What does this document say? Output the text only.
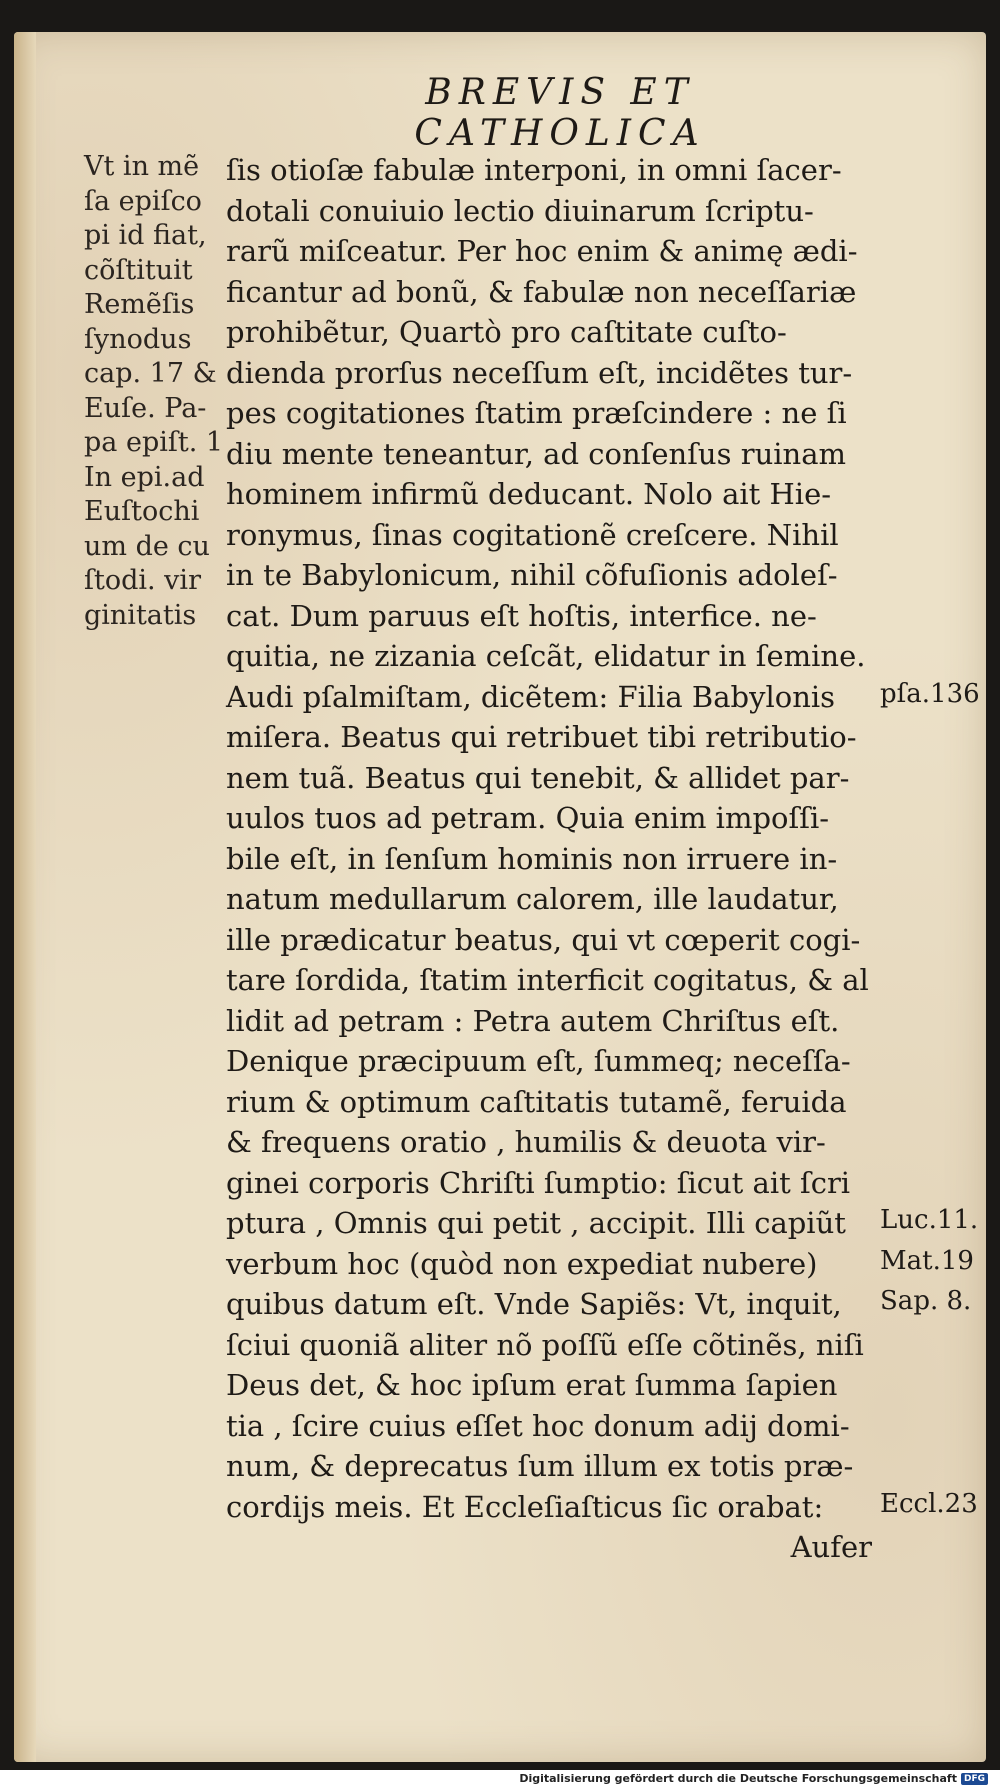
BREVIS ET CATHOLICA
Vt in mẽ
ſa epiſco
pi id fiat,
cõſtituit
Remẽſis
ſynodus
cap. 17 &
Euſe. Pa-
pa epiſt. 1
In epi.ad
Euſtochi
um de cu
ſtodi. vir
ginitatis
ſis otioſæ fabulæ interponi, in omni ſacer-
dotali conuiuio lectio diuinarum ſcriptu-
rarũ miſceatur. Per hoc enim & animę ædi-
ficantur ad bonũ, & fabulæ non neceſſariæ
prohibẽtur, Quartò pro caſtitate cuſto-
dienda prorſus neceſſum eſt, incidẽtes tur-
pes cogitationes ſtatim præſcindere : ne ſi
diu mente teneantur, ad conſenſus ruinam
hominem infirmũ deducant. Nolo ait Hie-
ronymus, ſinas cogitationẽ creſcere. Nihil
in te Babylonicum, nihil cõfuſionis adoleſ-
cat. Dum paruus eſt hoſtis, interfice. ne-
quitia, ne zizania ceſcãt, elidatur in ſemine.
Audi pſalmiſtam, dicẽtem: Filia Babylonis
miſera. Beatus qui retribuet tibi retributio-
nem tuã. Beatus qui tenebit, & allidet par-
uulos tuos ad petram. Quia enim impoſſi-
bile eſt, in ſenſum hominis non irruere in-
natum medullarum calorem, ille laudatur,
ille prædicatur beatus, qui vt cœperit cogi-
tare ſordida, ſtatim interficit cogitatus, & al
lidit ad petram : Petra autem Chriſtus eſt.
Denique præcipuum eſt, ſummeq; neceſſa-
rium & optimum caſtitatis tutamẽ, feruida
& frequens oratio , humilis & deuota vir-
ginei corporis Chriſti ſumptio: ſicut ait ſcri
ptura , Omnis qui petit , accipit. Illi capiũt
verbum hoc (quòd non expediat nubere)
quibus datum eſt. Vnde Sapiẽs: Vt, inquit,
ſciui quoniã aliter nõ poſſũ eſſe cõtinẽs, niſi
Deus det, & hoc ipſum erat ſumma ſapien
tia , ſcire cuius eſſet hoc donum adij domi-
num, & deprecatus ſum illum ex totis præ-
cordijs meis. Et Eccleſiaſticus ſic orabat:
Aufer
pſa.136
Luc.11.
Mat.19
Sap. 8.
Eccl.23
Digitalisierung gefördert durch die Deutsche Forschungsgemeinschaft DFG
